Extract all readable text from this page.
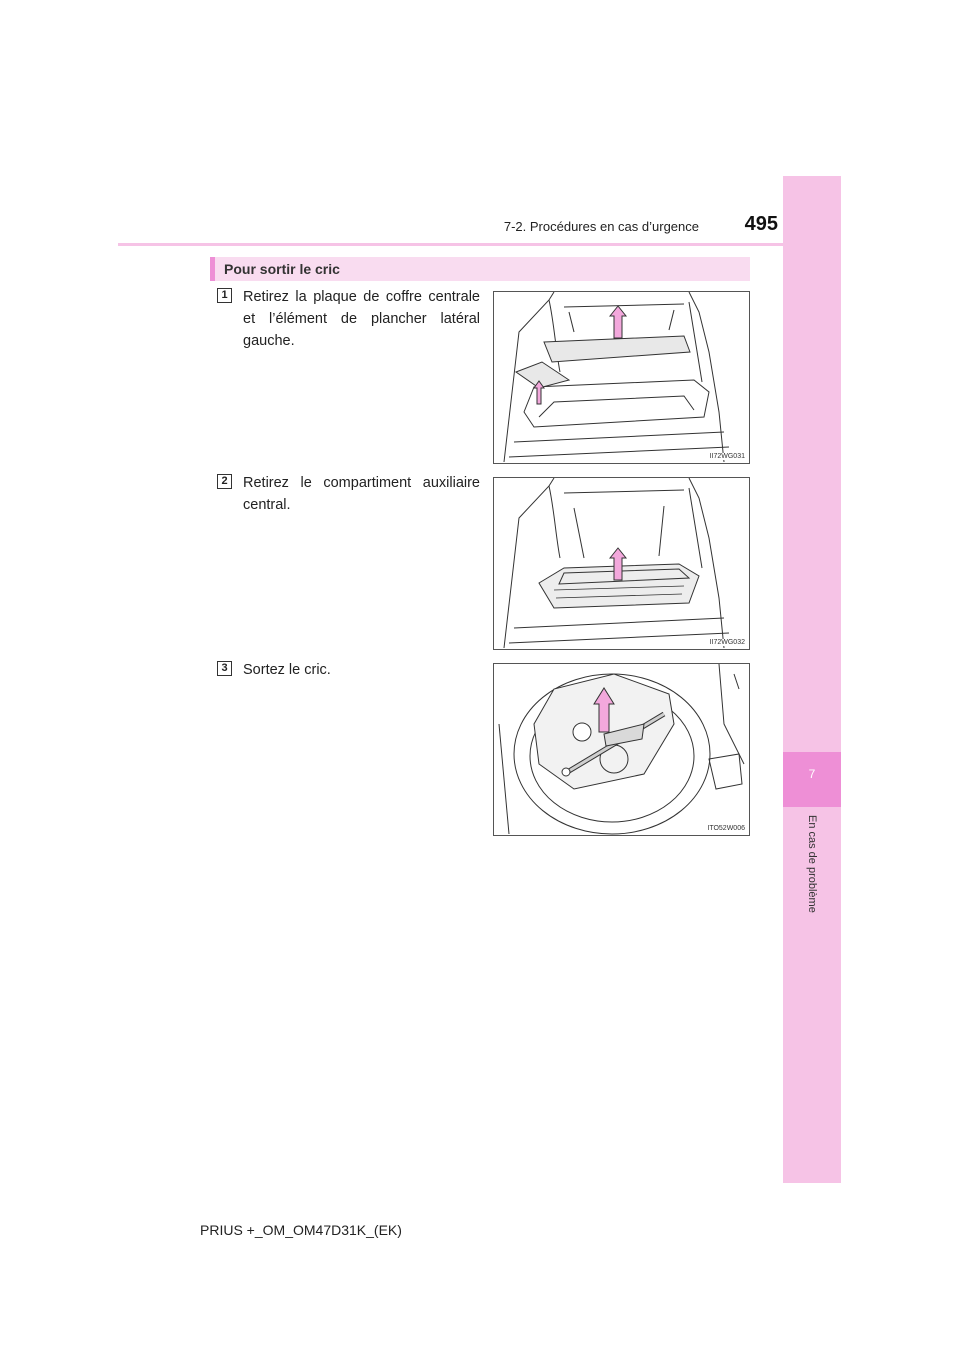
7-2. Procédures en cas d’urgence	495
7
En cas de problème
Pour sortir le cric
1	Retirez la plaque de coffre centrale et l’élément de plancher latéral gauche.
II72WG031
2	Retirez le compartiment auxiliaire central.
II72WG032
3	Sortez le cric.
ITO52W006
PRIUS +_OM_OM47D31K_(EK)
